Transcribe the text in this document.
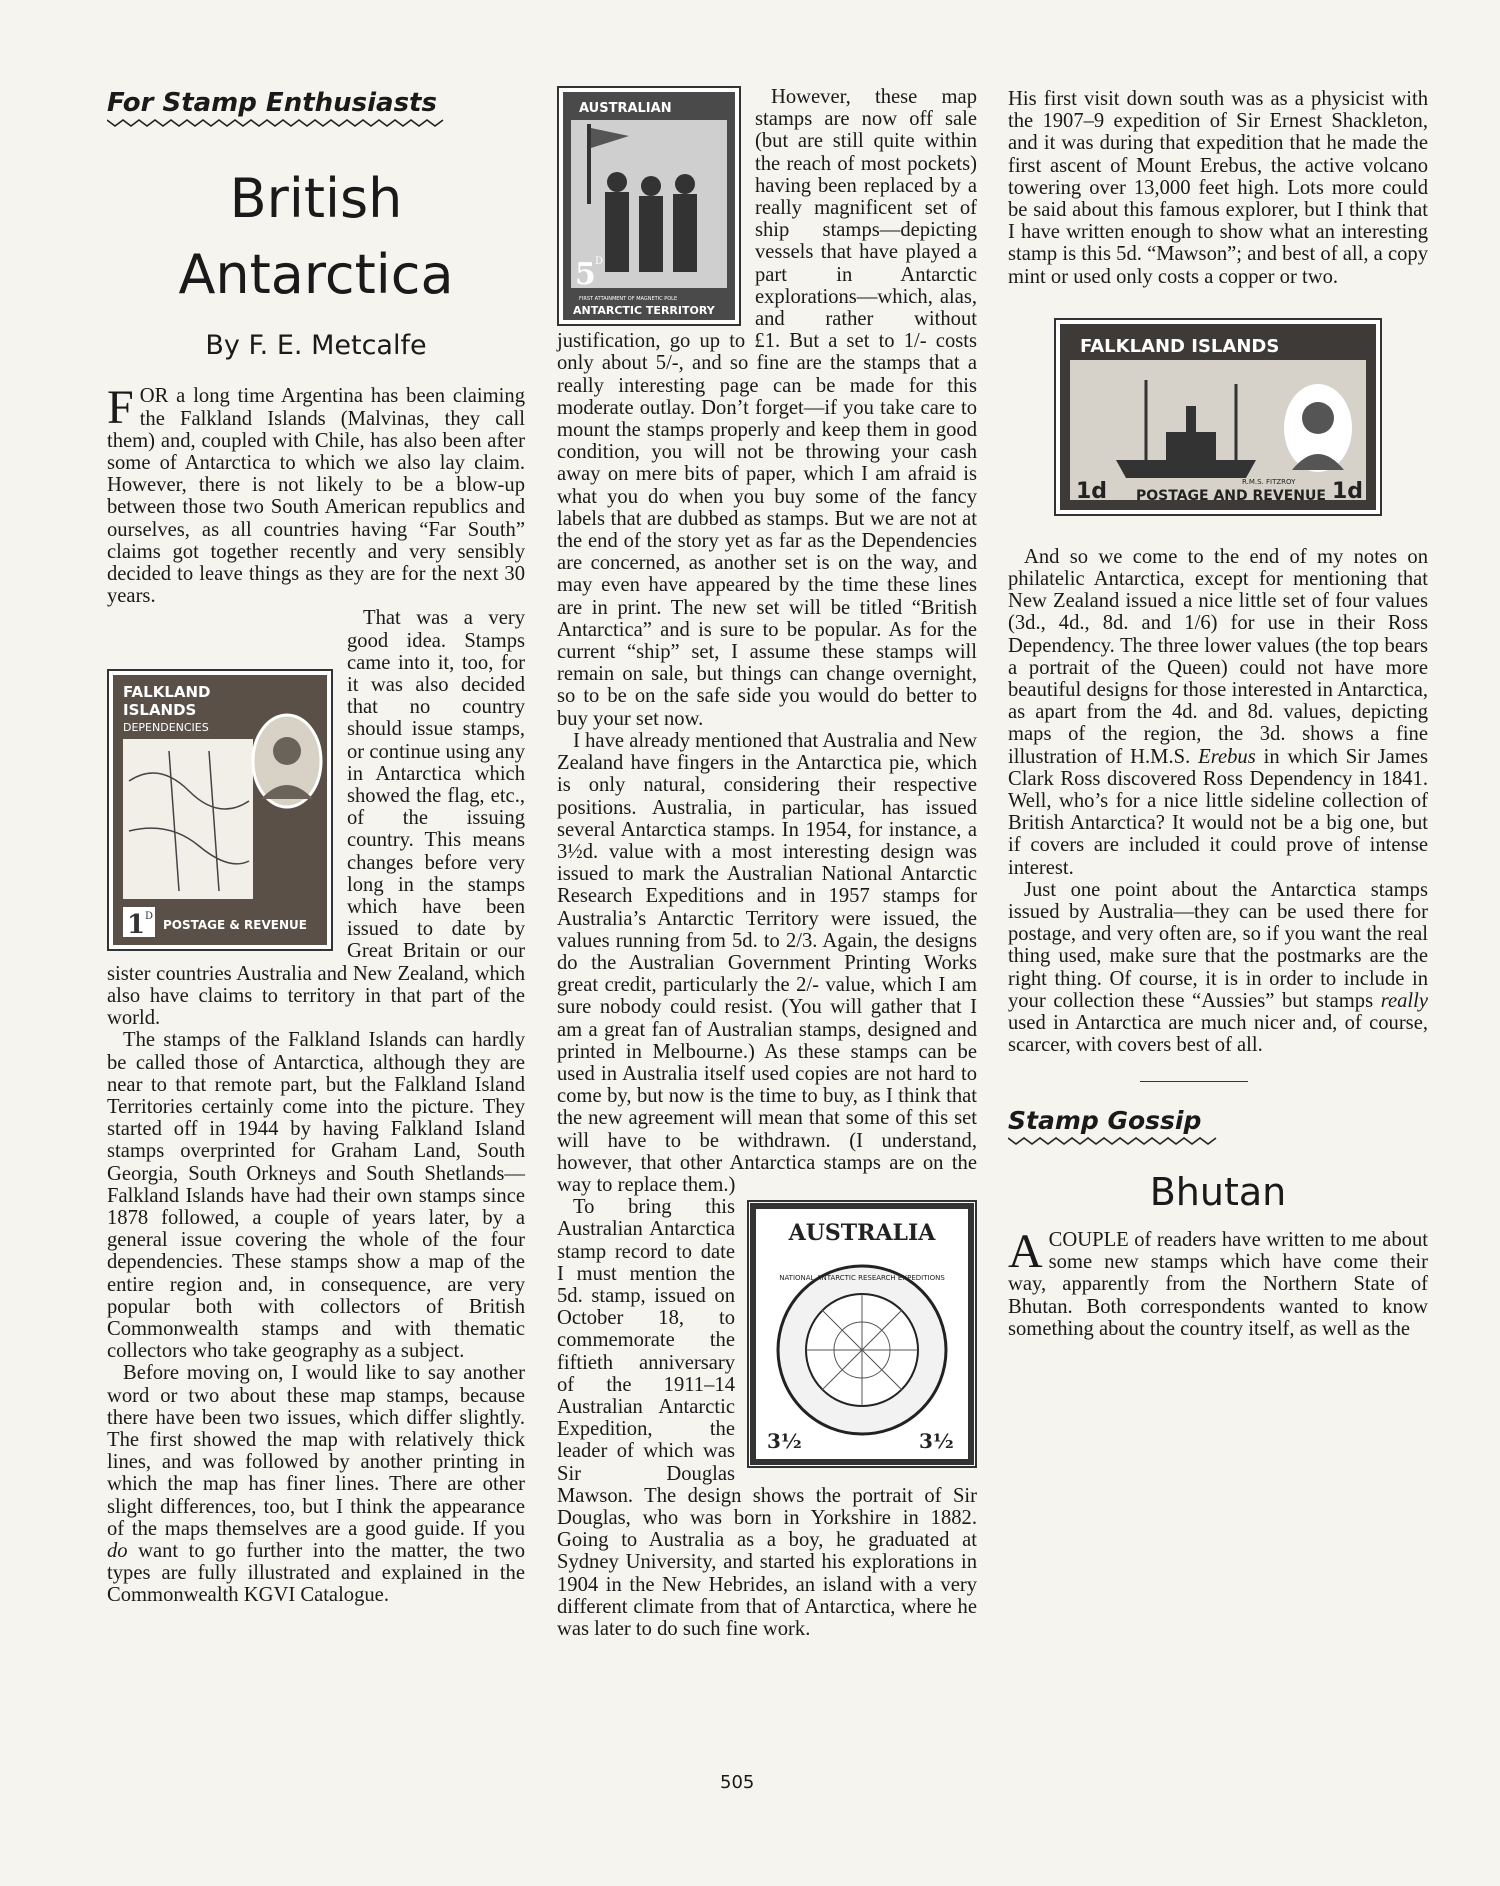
For Stamp Enthusiasts
British
Antarctica
By F. E. Metcalfe

FOR a long time Argentina has been claiming the Falkland Islands (Malvinas, they call them) and, coupled with Chile, has also been after some of Antarctica to which we also lay claim. However, there is not likely to be a blow-up between those two South American republics and ourselves, as all countries having “Far South” claims got together recently and very sensibly decided to leave things as they are for the next 30 years.

FALKLAND
ISLANDS
DEPENDENCIES
1 D
POSTAGE & REVENUE

That was a very good idea. Stamps came into it, too, for it was also decided that no country should issue stamps, or continue using any in Antarctica which showed the flag, etc., of the issuing country. This means changes before very long in the stamps which have been issued to date by Great Britain or our sister countries Australia and New Zealand, which also have claims to territory in that part of the world.

The stamps of the Falkland Islands can hardly be called those of Antarctica, although they are near to that remote part, but the Falkland Island Territories certainly come into the picture. They started off in 1944 by having Falkland Island stamps overprinted for Graham Land, South Georgia, South Orkneys and South Shetlands—Falkland Islands have had their own stamps since 1878 followed, a couple of years later, by a general issue covering the whole of the four dependencies. These stamps show a map of the entire region and, in consequence, are very popular both with collectors of British Commonwealth stamps and with thematic collectors who take geography as a subject.

Before moving on, I would like to say another word or two about these map stamps, because there have been two issues, which differ slightly. The first showed the map with relatively thick lines, and was followed by another printing in which the map has finer lines. There are other slight differences, too, but I think the appearance of the maps themselves are a good guide. If you do want to go further into the matter, the two types are fully illustrated and explained in the Commonwealth KGVI Catalogue.

AUSTRALIAN
5 D
FIRST ATTAINMENT OF MAGNETIC POLE
ANTARCTIC TERRITORY

However, these map stamps are now off sale (but are still quite within the reach of most pockets) having been replaced by a really magnificent set of ship stamps—depicting vessels that have played a part in Antarctic explorations—which, alas, and rather without justification, go up to £1. But a set to 1/- costs only about 5/-, and so fine are the stamps that a really interesting page can be made for this moderate outlay. Don’t forget—if you take care to mount the stamps properly and keep them in good condition, you will not be throwing your cash away on mere bits of paper, which I am afraid is what you do when you buy some of the fancy labels that are dubbed as stamps. But we are not at the end of the story yet as far as the Dependencies are concerned, as another set is on the way, and may even have appeared by the time these lines are in print. The new set will be titled “British Antarctica” and is sure to be popular. As for the current “ship” set, I assume these stamps will remain on sale, but things can change overnight, so to be on the safe side you would do better to buy your set now.

I have already mentioned that Australia and New Zealand have fingers in the Antarctica pie, which is only natural, considering their respective positions. Australia, in particular, has issued several Antarctica stamps. In 1954, for instance, a 3½d. value with a most interesting design was issued to mark the Australian National Antarctic Research Expeditions and in 1957 stamps for Australia’s Antarctic Territory were issued, the values running from 5d. to 2/3. Again, the designs do the Australian Government Printing Works great credit, particularly the 2/- value, which I am sure nobody could resist. (You will gather that I am a great fan of Australian stamps, designed and printed in Melbourne.) As these stamps can be used in Australia itself used copies are not hard to come by, but now is the time to buy, as I think that the new agreement will mean that some of this set will have to be withdrawn. (I understand, however, that other Antarctica stamps are on the way to replace them.)

AUSTRALIA
NATIONAL ANTARCTIC RESEARCH EXPEDITIONS
3½	3½

To bring this Australian Antarctica stamp record to date I must mention the 5d. stamp, issued on October 18, to commemorate the fiftieth anniversary of the 1911–14 Australian Antarctic Expedition, the leader of which was Sir Douglas Mawson. The design shows the portrait of Sir Douglas, who was born in Yorkshire in 1882. Going to Australia as a boy, he graduated at Sydney University, and started his explorations in 1904 in the New Hebrides, an island with a very different climate from that of Antarctica, where he was later to do such fine work.

His first visit down south was as a physicist with the 1907–9 expedition of Sir Ernest Shackleton, and it was during that expedition that he made the first ascent of Mount Erebus, the active volcano towering over 13,000 feet high. Lots more could be said about this famous explorer, but I think that I have written enough to show what an interesting stamp is this 5d. “Mawson”; and best of all, a copy mint or used only costs a copper or two.

FALKLAND ISLANDS
R.M.S. FITZROY
1d	1d
POSTAGE AND REVENUE

And so we come to the end of my notes on philatelic Antarctica, except for mentioning that New Zealand issued a nice little set of four values (3d., 4d., 8d. and 1/6) for use in their Ross Dependency. The three lower values (the top bears a portrait of the Queen) could not have more beautiful designs for those interested in Antarctica, as apart from the 4d. and 8d. values, depicting maps of the region, the 3d. shows a fine illustration of H.M.S. Erebus in which Sir James Clark Ross discovered Ross Dependency in 1841. Well, who’s for a nice little sideline collection of British Antarctica? It would not be a big one, but if covers are included it could prove of intense interest.

Just one point about the Antarctica stamps issued by Australia—they can be used there for postage, and very often are, so if you want the real thing used, make sure that the postmarks are the right thing. Of course, it is in order to include in your collection these “Aussies” but stamps really used in Antarctica are much nicer and, of course, scarcer, with covers best of all.

Stamp Gossip
Bhutan

ACOUPLE of readers have written to me about some new stamps which have come their way, apparently from the Northern State of Bhutan. Both correspondents wanted to know something about the country itself, as well as the

505
